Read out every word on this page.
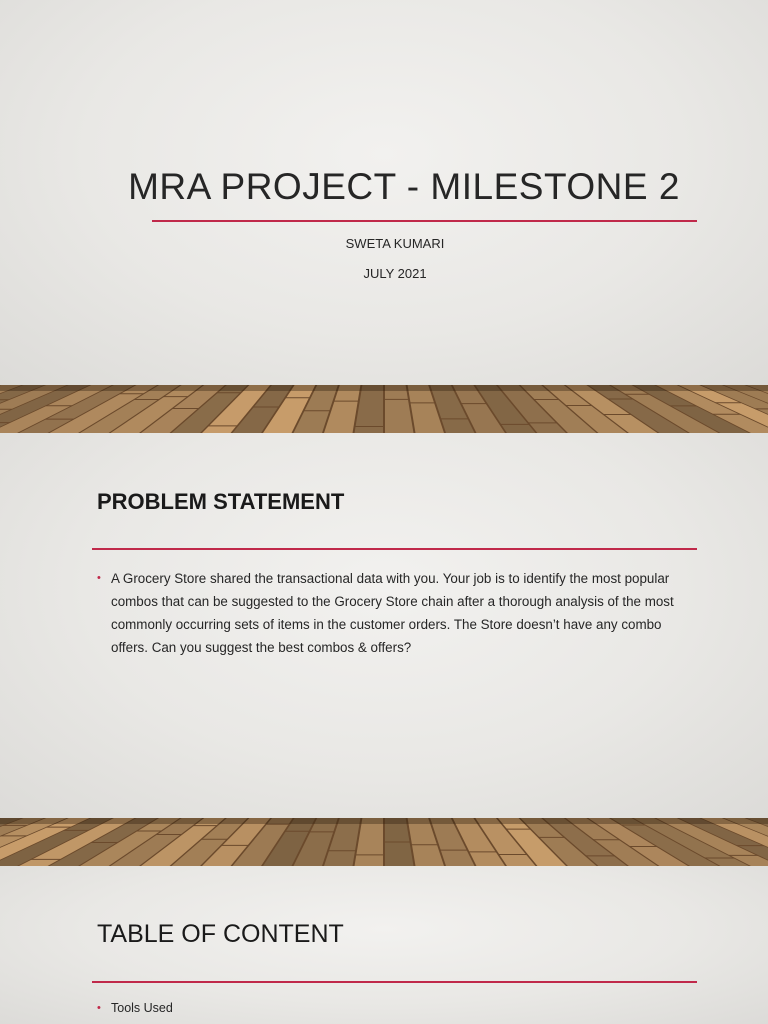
MRA PROJECT - MILESTONE 2
SWETA KUMARI
JULY 2021
PROBLEM STATEMENT
• A Grocery Store shared the transactional data with you. Your job is to identify the most popular combos that can be suggested to the Grocery Store chain after a thorough analysis of the most commonly occurring sets of items in the customer orders. The Store doesn’t have any combo offers. Can you suggest the best combos & offers?
TABLE OF CONTENT
• Tools Used
